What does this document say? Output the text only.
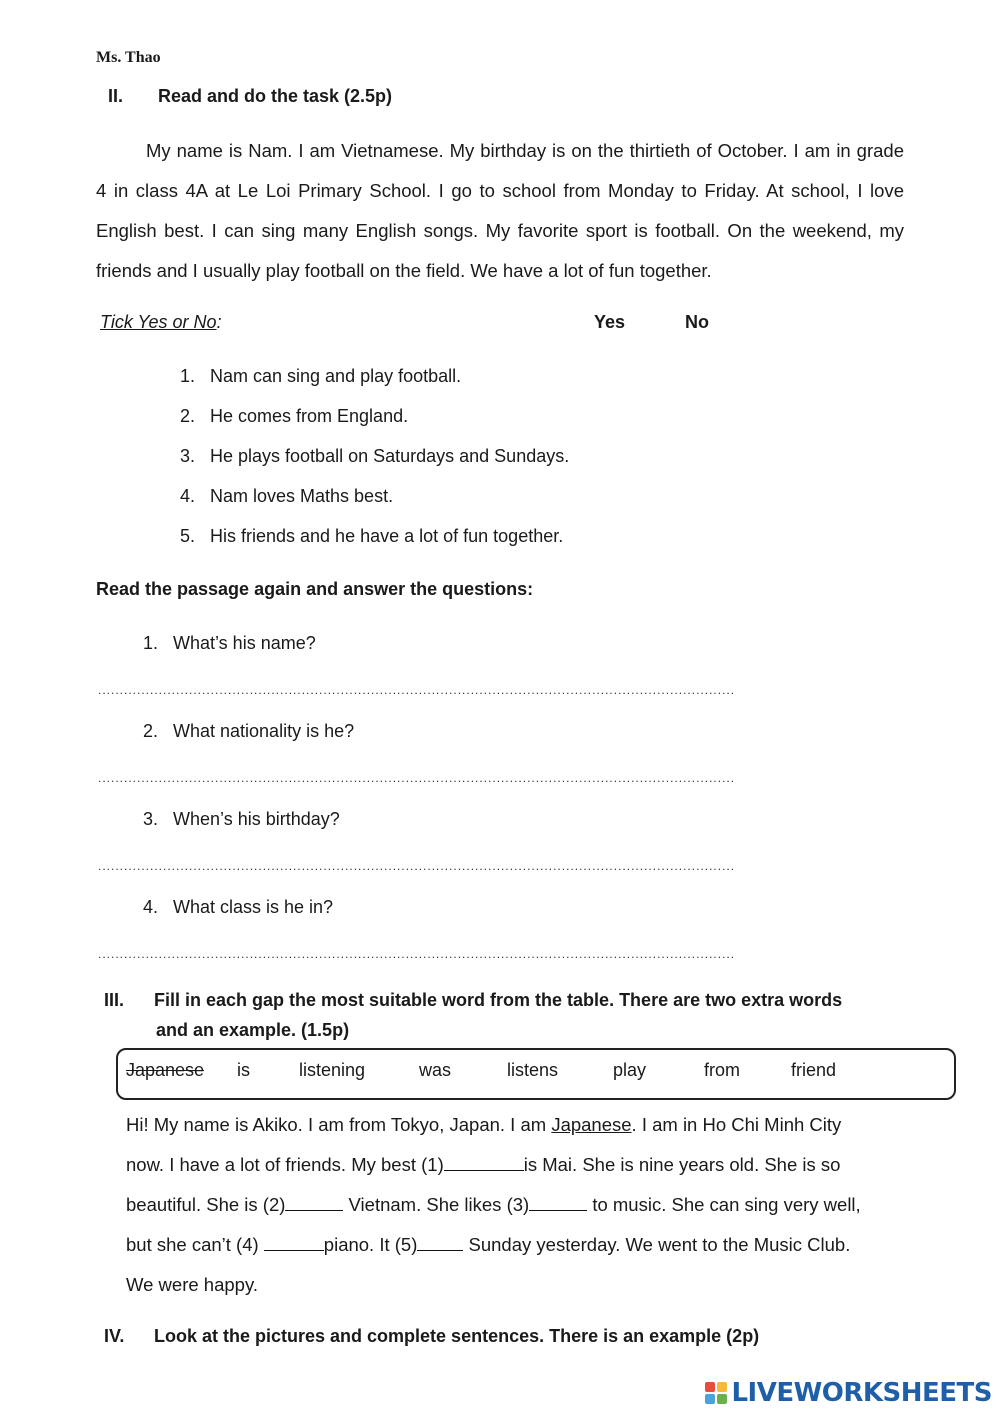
Ms. Thao
II. Read and do the task (2.5p)

My name is Nam. I am Vietnamese. My birthday is on the thirtieth of October. I am in grade 4 in class 4A at Le Loi Primary School. I go to school from Monday to Friday. At school, I love English best. I can sing many English songs. My favorite sport is football. On the weekend, my friends and I usually play football on the field. We have a lot of fun together.

Tick Yes or No:	Yes	No
1. Nam can sing and play football.
2. He comes from England.
3. He plays football on Saturdays and Sundays.
4. Nam loves Maths best.
5. His friends and he have a lot of fun together.
Read the passage again and answer the questions:
1. What’s his name?
...................................................................................................................................................
2. What nationality is he?
...................................................................................................................................................
3. When’s his birthday?
...................................................................................................................................................
4. What class is he in?
...................................................................................................................................................
III. Fill in each gap the most suitable word from the table. There are two extra words
and an example. (1.5p)
Japanese is	listening	was	listens	play	from	friend

Hi! My name is Akiko. I am from Tokyo, Japan. I am Japanese. I am in Ho Chi Minh City

now. I have a lot of friends. My best (1)	is Mai. She is nine years old. She is so

beautiful. She is (2)	Vietnam. She likes (3)	to music. She can sing very well,

but she can’t (4)	piano. It (5) Sunday yesterday. We went to the Music Club.

We were happy.

IV. Look at the pictures and complete sentences. There is an example (2p)
LIVEWORKSHEETS
